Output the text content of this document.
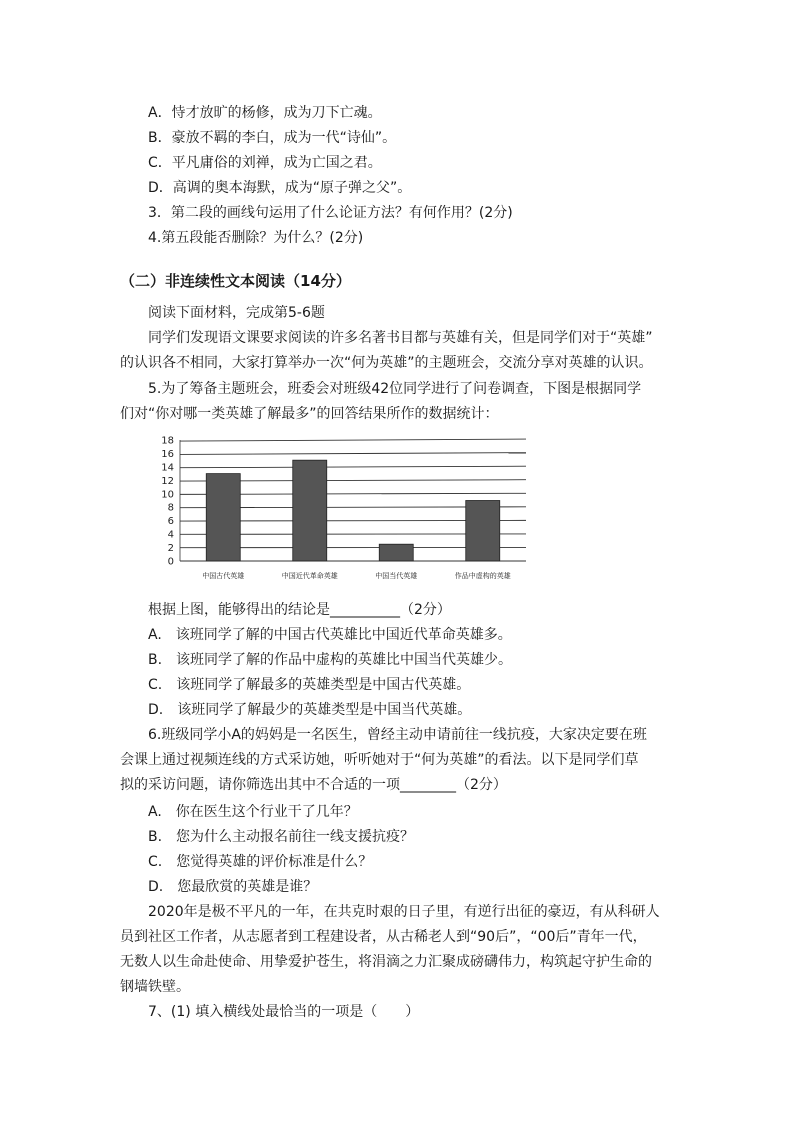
A．恃才放旷的杨修，成为刀下亡魂。
B．豪放不羁的李白，成为一代“诗仙”。
C．平凡庸俗的刘禅，成为亡国之君。
D．高调的奥本海默，成为“原子弹之父”。
3．第二段的画线句运用了什么论证方法？有何作用？(2分)
4.第五段能否删除？为什么？(2分)
（二）非连续性文本阅读（14分）
阅读下面材料，完成第5-6题
同学们发现语文课要求阅读的许多名著书目都与英雄有关，但是同学们对于“英雄”
的认识各不相同，大家打算举办一次“何为英雄”的主题班会，交流分享对英雄的认识。
5.为了筹备主题班会，班委会对班级42位同学进行了问卷调查，下图是根据同学
们对“你对哪一类英雄了解最多”的回答结果所作的数据统计：
0
2
4
6
8
10
12
14
16
18
中国古代英雄	中国近代革命英雄	中国当代英雄	作品中虚构的英雄
根据上图，能够得出的结论是__________（2分）
A.　该班同学了解的中国古代英雄比中国近代革命英雄多。
B.　该班同学了解的作品中虚构的英雄比中国当代英雄少。
C.　该班同学了解最多的英雄类型是中国古代英雄。
D.　该班同学了解最少的英雄类型是中国当代英雄。
6.班级同学小A的妈妈是一名医生，曾经主动申请前往一线抗疫，大家决定要在班
会课上通过视频连线的方式采访她，听听她对于“何为英雄”的看法。以下是同学们草
拟的采访问题，请你筛选出其中不合适的一项________（2分）
A.　你在医生这个行业干了几年？
B.　您为什么主动报名前往一线支援抗疫？
C.　您觉得英雄的评价标准是什么？
D.　您最欣赏的英雄是谁？
2020年是极不平凡的一年，在共克时艰的日子里，有逆行出征的豪迈，有从科研人
员到社区工作者，从志愿者到工程建设者，从古稀老人到“90后”，“00后”青年一代，
无数人以生命赴使命、用挚爱护苍生，将涓滴之力汇聚成磅礴伟力，构筑起守护生命的
钢墙铁壁。
7、(1) 填入横线处最恰当的一项是（　　）
